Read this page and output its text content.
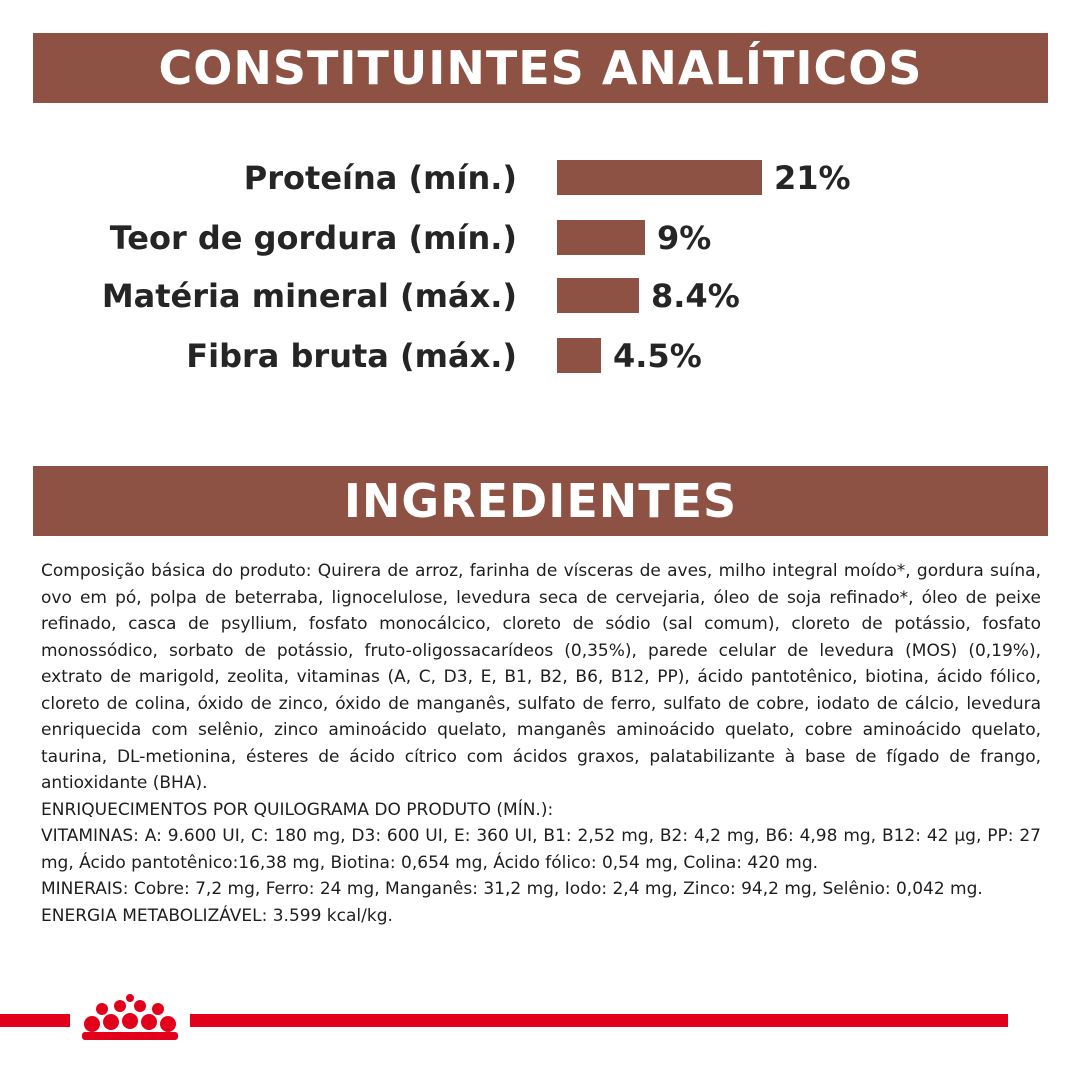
CONSTITUINTES ANALÍTICOS
Proteína (mín.)	21%
Teor de gordura (mín.)	9%
Matéria mineral (máx.)	8.4%
Fibra bruta (máx.)	4.5%
INGREDIENTES

Composição básica do produto: Quirera de arroz, farinha de vísceras de aves, milho integral moído*, gordura suína, ovo em pó, polpa de beterraba, lignocelulose, levedura seca de cervejaria, óleo de soja refinado*, óleo de peixe refinado, casca de psyllium, fosfato monocálcico, cloreto de sódio (sal comum), cloreto de potássio, fosfato monossódico, sorbato de potássio, fruto-oligossacarídeos (0,35%), parede celular de levedura (MOS) (0,19%), extrato de marigold, zeolita, vitaminas (A, C, D3, E, B1, B2, B6, B12, PP), ácido pantotênico, biotina, ácido fólico, cloreto de colina, óxido de zinco, óxido de manganês, sulfato de ferro, sulfato de cobre, iodato de cálcio, levedura enriquecida com selênio, zinco aminoácido quelato, manganês aminoácido quelato, cobre aminoácido quelato, taurina, DL-metionina, ésteres de ácido cítrico com ácidos graxos, palatabilizante à base de fígado de frango, antioxidante (BHA).

ENRIQUECIMENTOS POR QUILOGRAMA DO PRODUTO (MÍN.):

VITAMINAS: A: 9.600 UI, C: 180 mg, D3: 600 UI, E: 360 UI, B1: 2,52 mg, B2: 4,2 mg, B6: 4,98 mg, B12: 42 µg, PP: 27 mg, Ácido pantotênico:16,38 mg, Biotina: 0,654 mg, Ácido fólico: 0,54 mg, Colina: 420 mg.

MINERAIS: Cobre: 7,2 mg, Ferro: 24 mg, Manganês: 31,2 mg, Iodo: 2,4 mg, Zinco: 94,2 mg, Selênio: 0,042 mg.

ENERGIA METABOLIZÁVEL: 3.599 kcal/kg.
